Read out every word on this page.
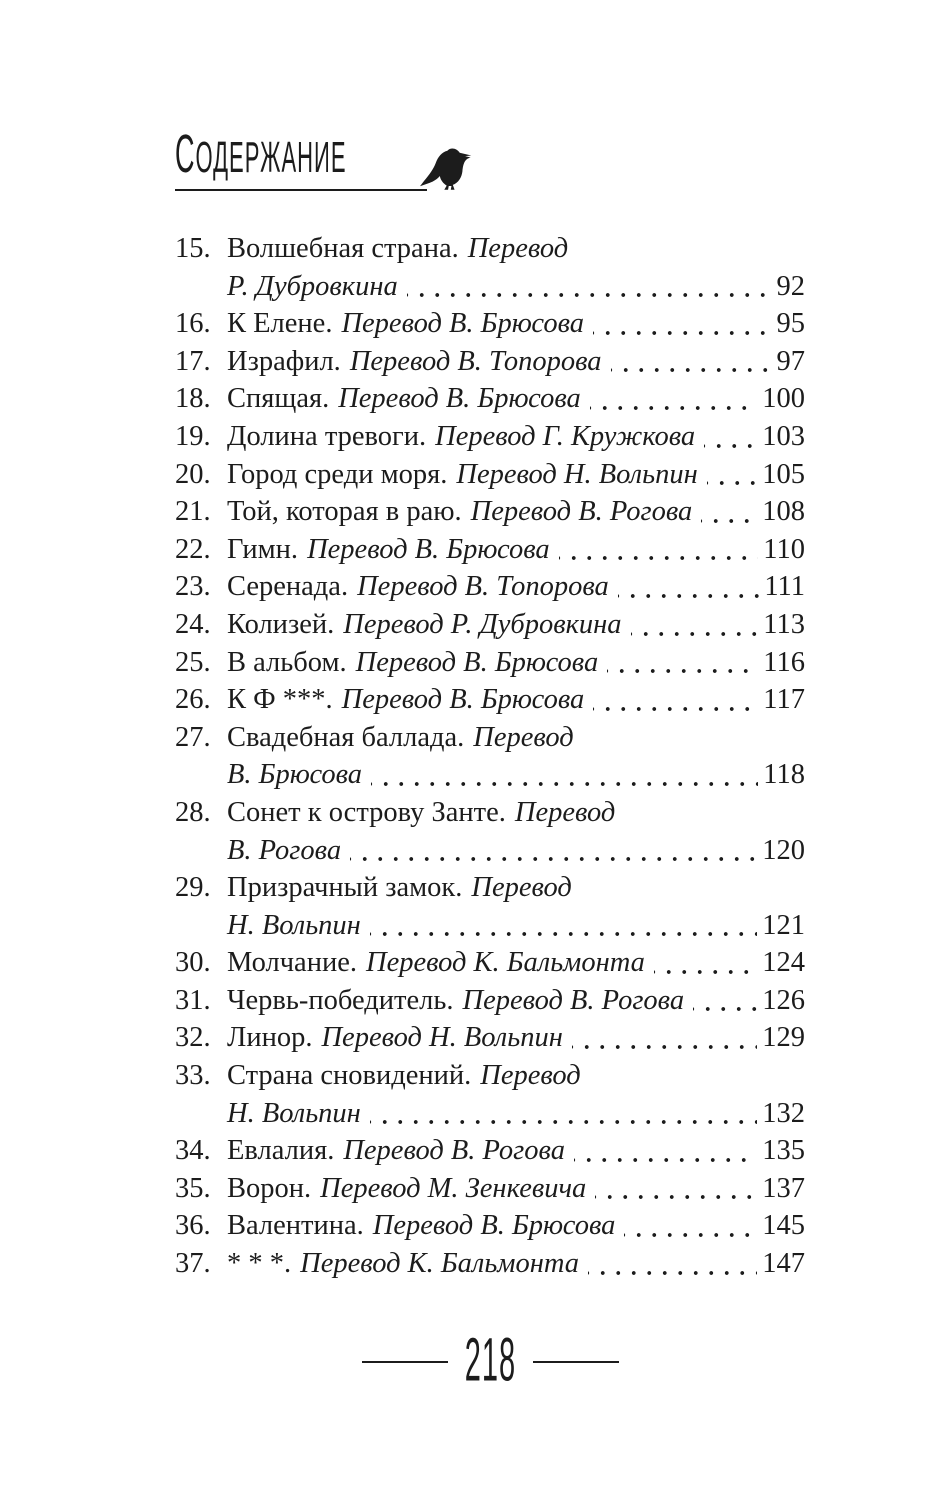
СОДЕРЖАНИЕ
15. Волшебная страна. Перевод
Р. Дубровкина	92
16. К Елене. Перевод В. Брюсова	95
17. Израфил. Перевод В. Топорова	97
18. Спящая. Перевод В. Брюсова	100
19. Долина тревоги. Перевод Г. Кружкова 103
20. Город среди моря. Перевод Н. Вольпин 105
21. Той, которая в раю. Перевод В. Рогова 108
22. Гимн. Перевод В. Брюсова	110
23. Серенада. Перевод В. Топорова	111
24. Колизей. Перевод Р. Дубровкина	113
25. В альбом. Перевод В. Брюсова	116
26. К Ф ***. Перевод В. Брюсова	117
27. Свадебная баллада. Перевод
В. Брюсова	118
28. Сонет к острову Занте. Перевод
В. Рогова	120
29. Призрачный замок. Перевод
Н. Вольпин	121
30. Молчание. Перевод К. Бальмонта	124
31. Червь-победитель. Перевод В. Рогова	126
32. Линор. Перевод Н. Вольпин	129
33. Страна сновидений. Перевод
Н. Вольпин	132
34. Евлалия. Перевод В. Рогова	135
35. Ворон. Перевод М. Зенкевича	137
36. Валентина. Перевод В. Брюсова	145
37. * * *. Перевод К. Бальмонта	147
218
